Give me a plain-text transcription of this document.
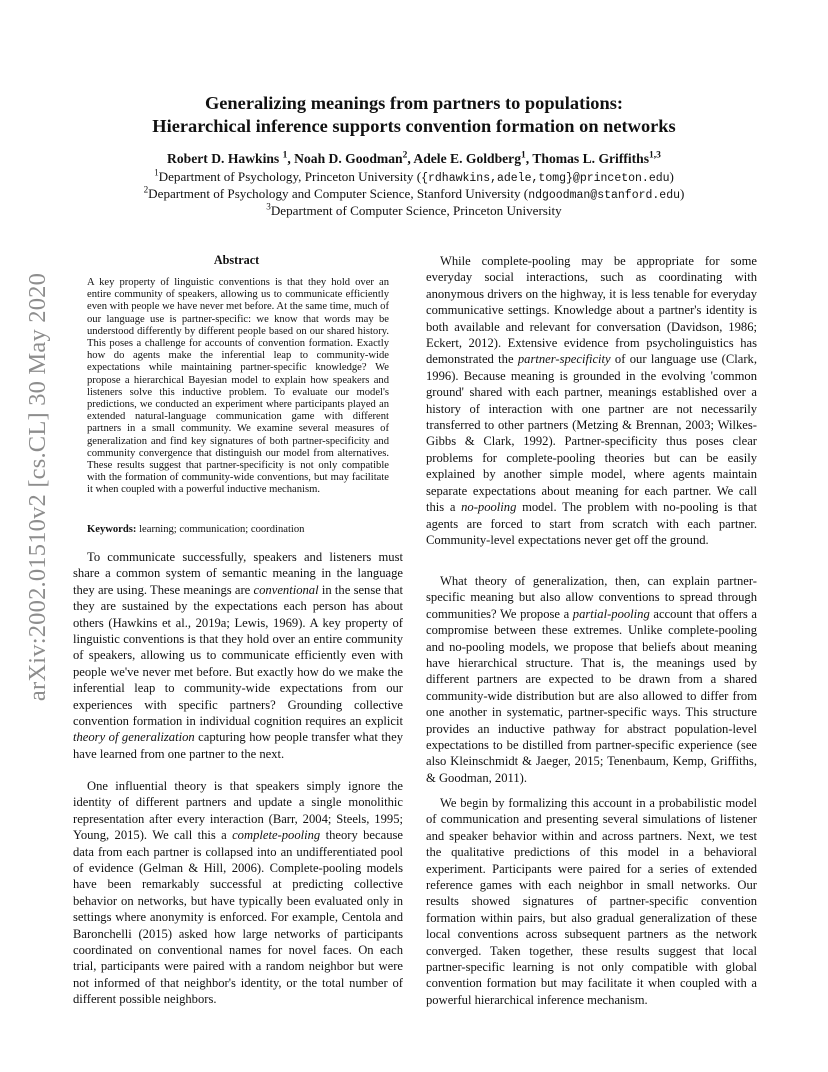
arXiv:2002.01510v2 [cs.CL] 30 May 2020
Generalizing meanings from partners to populations:
Hierarchical inference supports convention formation on networks
Robert D. Hawkins $^1$, Noah D. Goodman$^2$, Adele E. Goldberg$^1$, Thomas L. Griffiths$^{1,3}$
$^1$Department of Psychology, Princeton University ({rdhawkins,adele,tomg}@princeton.edu)
$^2$Department of Psychology and Computer Science, Stanford University (ndgoodman@stanford.edu)
$^3$Department of Computer Science, Princeton University
Abstract

A key property of linguistic conventions is that they hold over an entire community of speakers, allowing us to communicate efficiently even with people we have never met before. At the same time, much of our language use is partner-specific: we know that words may be understood differently by different people based on our shared history. This poses a challenge for accounts of convention formation. Exactly how do agents make the inferential leap to community-wide expectations while maintaining partner-specific knowledge? We propose a hierarchical Bayesian model to explain how speakers and listeners solve this inductive problem. To evaluate our model's predictions, we conducted an experiment where participants played an extended natural-language communication game with different partners in a small community. We examine several measures of generalization and find key signatures of both partner-specificity and community convergence that distinguish our model from alternatives. These results suggest that partner-specificity is not only compatible with the formation of community-wide conventions, but may facilitate it when coupled with a powerful inductive mechanism.

Keywords: learning; communication; coordination

To communicate successfully, speakers and listeners must share a common system of semantic meaning in the language they are using. These meanings are conventional in the sense that they are sustained by the expectations each person has about others (Hawkins et al., 2019a; Lewis, 1969). A key property of linguistic conventions is that they hold over an entire community of speakers, allowing us to communicate efficiently even with people we've never met before. But exactly how do we make the inferential leap to community-wide expectations from our experiences with specific partners? Grounding collective convention formation in individual cognition requires an explicit theory of generalization capturing how people transfer what they have learned from one partner to the next.

One influential theory is that speakers simply ignore the identity of different partners and update a single monolithic representation after every interaction (Barr, 2004; Steels, 1995; Young, 2015). We call this a complete-pooling theory because data from each partner is collapsed into an undifferentiated pool of evidence (Gelman & Hill, 2006). Complete-pooling models have been remarkably successful at predicting collective behavior on networks, but have typically been evaluated only in settings where anonymity is enforced. For example, Centola and Baronchelli (2015) asked how large networks of participants coordinated on conventional names for novel faces. On each trial, participants were paired with a random neighbor but were not informed of that neighbor's identity, or the total number of different possible neighbors.

While complete-pooling may be appropriate for some everyday social interactions, such as coordinating with anonymous drivers on the highway, it is less tenable for everyday communicative settings. Knowledge about a partner's identity is both available and relevant for conversation (Davidson, 1986; Eckert, 2012). Extensive evidence from psycholinguistics has demonstrated the partner-specificity of our language use (Clark, 1996). Because meaning is grounded in the evolving 'common ground' shared with each partner, meanings established over a history of interaction with one partner are not necessarily transferred to other partners (Metzing & Brennan, 2003; Wilkes-Gibbs & Clark, 1992). Partner-specificity thus poses clear problems for complete-pooling theories but can be easily explained by another simple model, where agents maintain separate expectations about meaning for each partner. We call this a no-pooling model. The problem with no-pooling is that agents are forced to start from scratch with each partner. Community-level expectations never get off the ground.

What theory of generalization, then, can explain partner-specific meaning but also allow conventions to spread through communities? We propose a partial-pooling account that offers a compromise between these extremes. Unlike complete-pooling and no-pooling models, we propose that beliefs about meaning have hierarchical structure. That is, the meanings used by different partners are expected to be drawn from a shared community-wide distribution but are also allowed to differ from one another in systematic, partner-specific ways. This structure provides an inductive pathway for abstract population-level expectations to be distilled from partner-specific experience (see also Kleinschmidt & Jaeger, 2015; Tenenbaum, Kemp, Griffiths, & Goodman, 2011).

We begin by formalizing this account in a probabilistic model of communication and presenting several simulations of listener and speaker behavior within and across partners. Next, we test the qualitative predictions of this model in a behavioral experiment. Participants were paired for a series of extended reference games with each neighbor in small networks. Our results showed signatures of partner-specific convention formation within pairs, but also gradual generalization of these local conventions across subsequent partners as the network converged. Taken together, these results suggest that local partner-specific learning is not only compatible with global convention formation but may facilitate it when coupled with a powerful hierarchical inference mechanism.
